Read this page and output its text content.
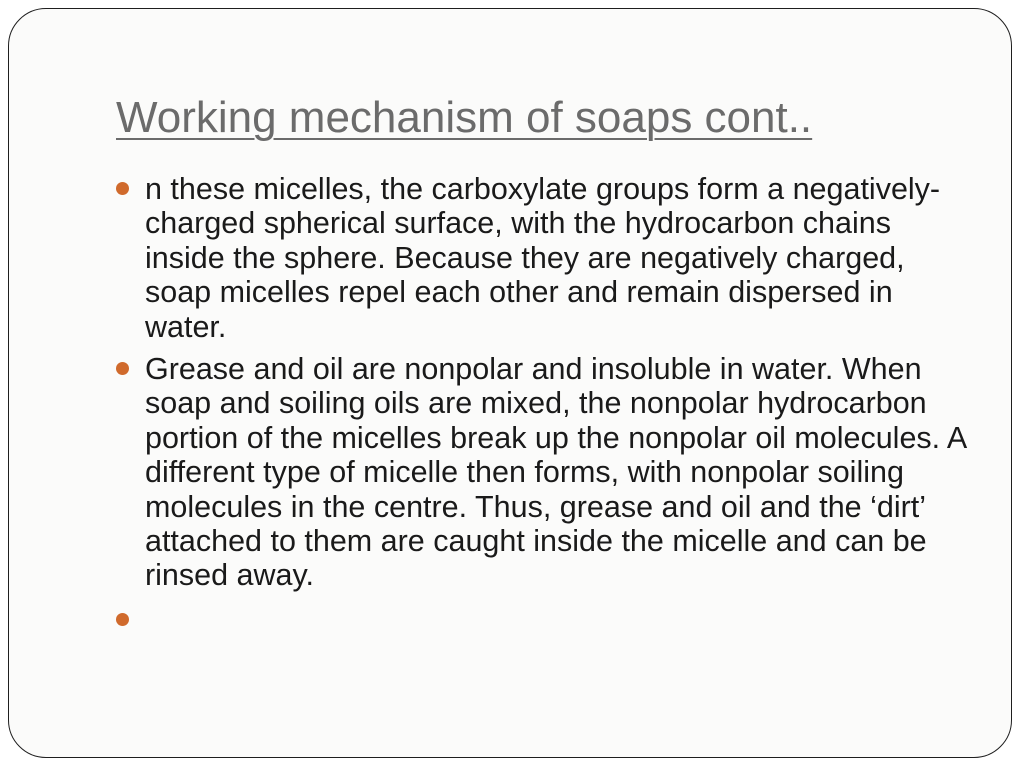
Working mechanism of soaps cont..
n these micelles, the carboxylate groups form a negatively-charged spherical surface, with the hydrocarbon chains inside the sphere. Because they are negatively charged, soap micelles repel each other and remain dispersed in water.
Grease and oil are nonpolar and insoluble in water. When soap and soiling oils are mixed, the nonpolar hydrocarbon portion of the micelles break up the nonpolar oil molecules. A different type of micelle then forms, with nonpolar soiling molecules in the centre. Thus, grease and oil and the ‘dirt’ attached to them are caught inside the micelle and can be rinsed away.
